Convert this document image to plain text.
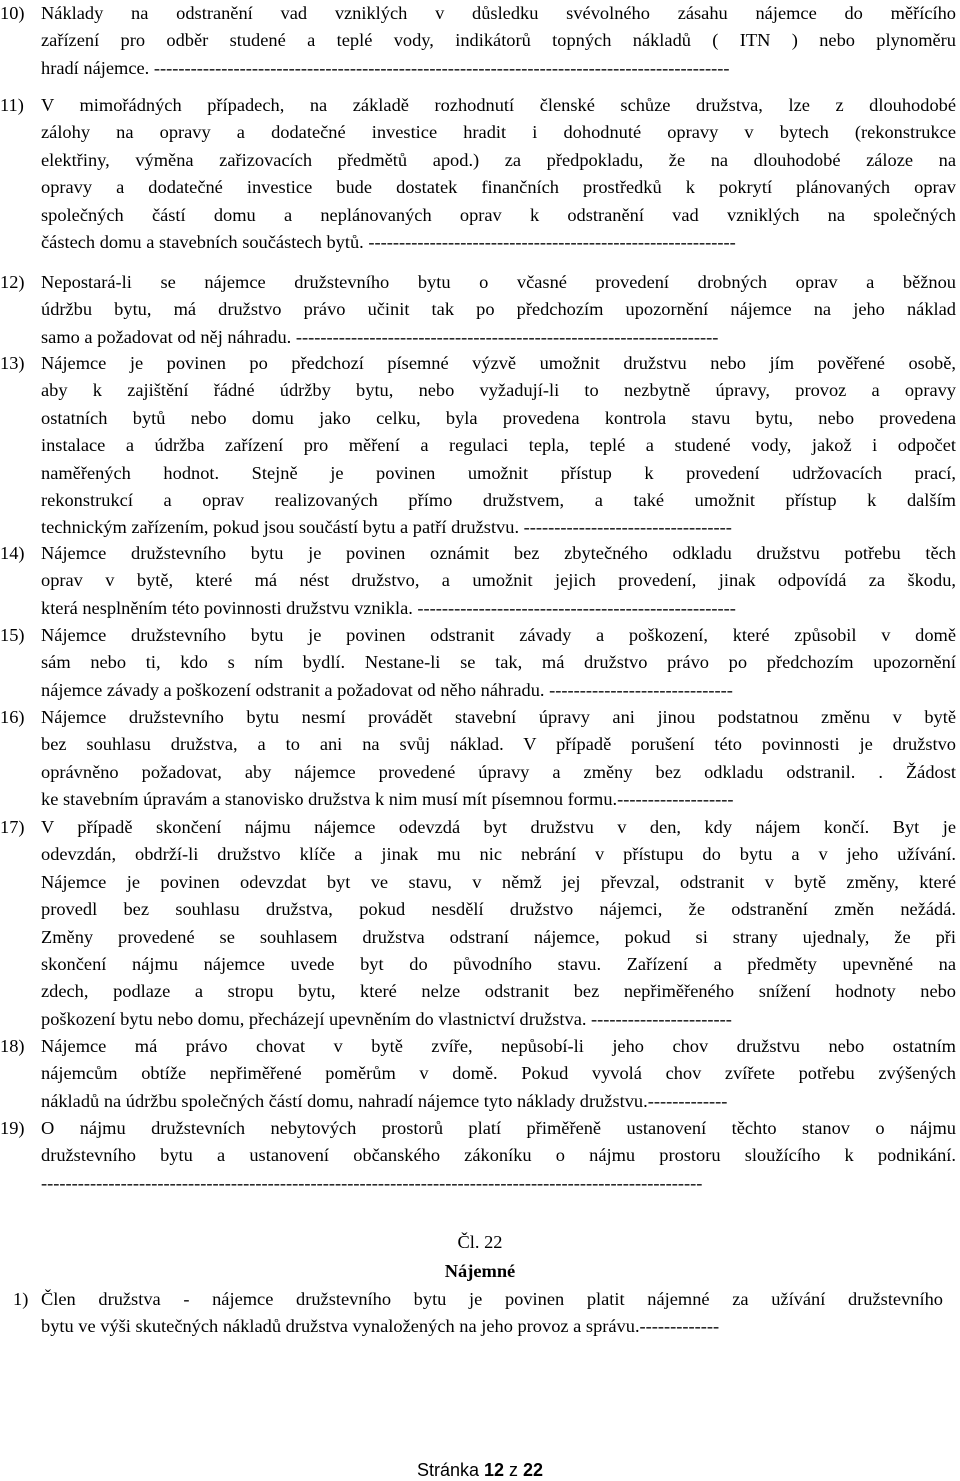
10) Náklady na odstranění vad vzniklých v důsledku svévolného zásahu nájemce do měřícího
zařízení pro odběr studené a teplé vody, indikátorů topných nákladů ( ITN ) nebo plynoměru
hradí nájemce. ----------------------------------------------------------------------------------------------
11) V mimořádných případech, na základě rozhodnutí členské schůze družstva, lze z dlouhodobé
zálohy na opravy a dodatečné investice hradit i dohodnuté opravy v bytech (rekonstrukce
elektřiny, výměna zařizovacích předmětů apod.) za předpokladu, že na dlouhodobé záloze na
opravy a dodatečné investice bude dostatek finančních prostředků k pokrytí plánovaných oprav
společných částí domu a neplánovaných oprav k odstranění vad vzniklých na společných
částech domu a stavebních součástech bytů. ------------------------------------------------------------
12) Nepostará-li se nájemce družstevního bytu o včasné provedení drobných oprav a běžnou
údržbu bytu, má družstvo právo učinit tak po předchozím upozornění nájemce na jeho náklad
samo a požadovat od něj náhradu. ---------------------------------------------------------------------
13) Nájemce je povinen po předchozí písemné výzvě umožnit družstvu nebo jím pověřené osobě,
aby k zajištění řádné údržby bytu, nebo vyžadují-li to nezbytně úpravy, provoz a opravy
ostatních bytů nebo domu jako celku, byla provedena kontrola stavu bytu, nebo provedena
instalace a údržba zařízení pro měření a regulaci tepla, teplé a studené vody, jakož i odpočet
naměřených hodnot. Stejně je povinen umožnit přístup k provedení udržovacích prací,
rekonstrukcí a oprav realizovaných přímo družstvem, a také umožnit přístup k dalším
technickým zařízením, pokud jsou součástí bytu a patří družstvu. ----------------------------------
14) Nájemce družstevního bytu je povinen oznámit bez zbytečného odkladu družstvu potřebu těch
oprav v bytě, které má nést družstvo, a umožnit jejich provedení, jinak odpovídá za škodu,
která nesplněním této povinnosti družstvu vznikla. ----------------------------------------------------
15) Nájemce družstevního bytu je povinen odstranit závady a poškození, které způsobil v domě
sám nebo ti, kdo s ním bydlí. Nestane-li se tak, má družstvo právo po předchozím upozornění
nájemce závady a poškození odstranit a požadovat od něho náhradu. ------------------------------
16) Nájemce družstevního bytu nesmí provádět stavební úpravy ani jinou podstatnou změnu v bytě
bez souhlasu družstva, a to ani na svůj náklad. V případě porušení této povinnosti je družstvo
oprávněno požadovat, aby nájemce provedené úpravy a změny bez odkladu odstranil. . Žádost
ke stavebním úpravám a stanovisko družstva k nim musí mít písemnou formu.-------------------
17) V případě skončení nájmu nájemce odevzdá byt družstvu v den, kdy nájem končí. Byt je
odevzdán, obdrží-li družstvo klíče a jinak mu nic nebrání v přístupu do bytu a v jeho užívání.
Nájemce je povinen odevzdat byt ve stavu, v němž jej převzal, odstranit v bytě změny, které
provedl bez souhlasu družstva, pokud nesdělí družstvo nájemci, že odstranění změn nežádá.
Změny provedené se souhlasem družstva odstraní nájemce, pokud si strany ujednaly, že při
skončení nájmu nájemce uvede byt do původního stavu. Zařízení a předměty upevněné na
zdech, podlaze a stropu bytu, které nelze odstranit bez nepřiměřeného snížení hodnoty nebo
poškození bytu nebo domu, přecházejí upevněním do vlastnictví družstva. -----------------------
18) Nájemce má právo chovat v bytě zvíře, nepůsobí-li jeho chov družstvu nebo ostatním
nájemcům obtíže nepřiměřené poměrům v domě. Pokud vyvolá chov zvířete potřebu zvýšených
nákladů na údržbu společných částí domu, nahradí nájemce tyto náklady družstvu.-------------
19) O nájmu družstevních nebytových prostorů platí přiměřeně ustanovení těchto stanov o nájmu
družstevního bytu a ustanovení občanského zákoníku o nájmu prostoru sloužícího k podnikání.
------------------------------------------------------------------------------------------------------------
Čl. 22
Nájemné
1) Člen družstva - nájemce družstevního bytu je povinen platit nájemné za užívání družstevního
bytu ve výši skutečných nákladů družstva vynaložených na jeho provoz a správu.-------------
Stránka 12 z 22
